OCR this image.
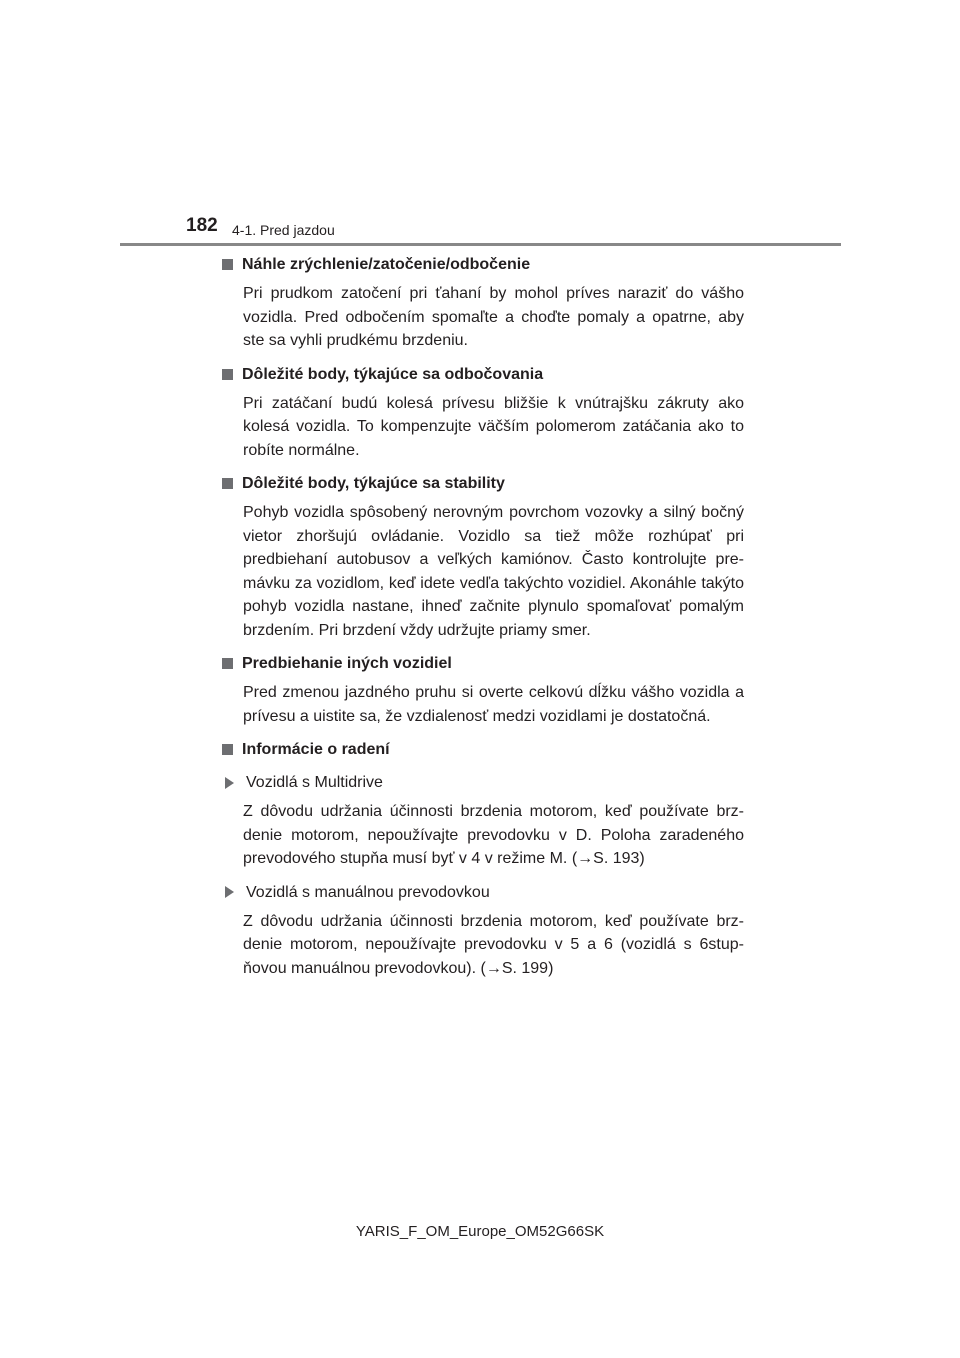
182 4-1. Pred jazdou
Náhle zrýchlenie/zatočenie/odbočenie

Pri prudkom zatočení pri ťahaní by mohol príves naraziť do vášho vozidla. Pred odbočením spomaľte a choďte pomaly a opatrne, aby ste sa vyhli prudkému brzdeniu.

Dôležité body, týkajúce sa odbočovania

Pri zatáčaní budú kolesá prívesu bližšie k vnútrajšku zákruty ako kolesá vozidla. To kompenzujte väčším polomerom zatáčania ako to robíte normálne.

Dôležité body, týkajúce sa stability

Pohyb vozidla spôsobený nerovným povrchom vozovky a silný bočný vietor zhoršujú ovládanie. Vozidlo sa tiež môže rozhúpať pri predbiehaní autobusov a veľkých kamiónov. Často kontrolujte premávku za vozidlom, keď idete vedľa takýchto vozidiel. Akonáhle takýto pohyb vozidla nastane, ihneď začnite plynulo spomaľovať pomalým brzdením. Pri brzdení vždy udržujte priamy smer.

Predbiehanie iných vozidiel

Pred zmenou jazdného pruhu si overte celkovú dĺžku vášho vozidla a prívesu a uistite sa, že vzdialenosť medzi vozidlami je dostatočná.

Informácie o radení
Vozidlá s Multidrive

Z dôvodu udržania účinnosti brzdenia motorom, keď používate brzdenie motorom, nepoužívajte prevodovku v D. Poloha zaradeného prevodového stupňa musí byť v 4 v režime M. (→S. 193)

Vozidlá s manuálnou prevodovkou

Z dôvodu udržania účinnosti brzdenia motorom, keď používate brzdenie motorom, nepoužívajte prevodovku v 5 a 6 (vozidlá s 6stupňovou manuálnou prevodovkou). (→S. 199)

YARIS_F_OM_Europe_OM52G66SK
